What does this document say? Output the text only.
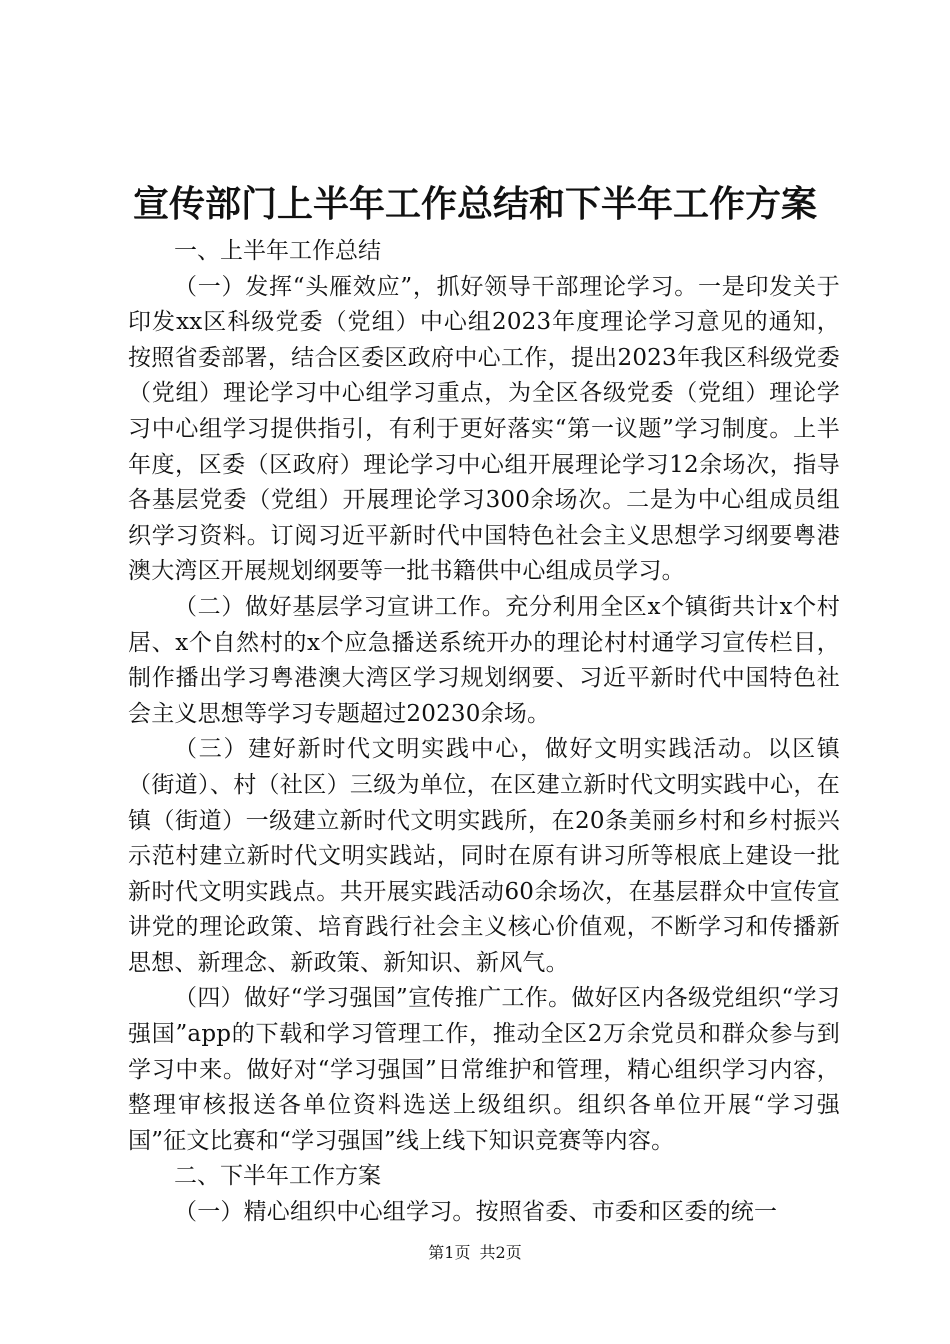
宣传部门上半年工作总结和下半年工作方案

一、上半年工作总结

（一）发挥“头雁效应”，抓好领导干部理论学习。一是印发关于印发xx区科级党委（党组）中心组2023年度理论学习意见的通知，按照省委部署，结合区委区政府中心工作，提出2023年我区科级党委（党组）理论学习中心组学习重点，为全区各级党委（党组）理论学习中心组学习提供指引，有利于更好落实“第一议题”学习制度。上半年度，区委（区政府）理论学习中心组开展理论学习12余场次，指导各基层党委（党组）开展理论学习300余场次。二是为中心组成员组织学习资料。订阅习近平新时代中国特色社会主义思想学习纲要粤港澳大湾区开展规划纲要等一批书籍供中心组成员学习。

（二）做好基层学习宣讲工作。充分利用全区x个镇街共计x个村居、x个自然村的x个应急播送系统开办的理论村村通学习宣传栏目，制作播出学习粤港澳大湾区学习规划纲要、习近平新时代中国特色社会主义思想等学习专题超过20230余场。

（三）建好新时代文明实践中心，做好文明实践活动。以区镇（街道）、村（社区）三级为单位，在区建立新时代文明实践中心，在镇（街道）一级建立新时代文明实践所，在20条美丽乡村和乡村振兴示范村建立新时代文明实践站，同时在原有讲习所等根底上建设一批新时代文明实践点。共开展实践活动60余场次，在基层群众中宣传宣讲党的理论政策、培育践行社会主义核心价值观，不断学习和传播新思想、新理念、新政策、新知识、新风气。

（四）做好“学习强国”宣传推广工作。做好区内各级党组织“学习强国”app的下载和学习管理工作，推动全区2万余党员和群众参与到学习中来。做好对“学习强国”日常维护和管理，精心组织学习内容，整理审核报送各单位资料选送上级组织。组织各单位开展“学习强国”征文比赛和“学习强国”线上线下知识竞赛等内容。

二、下半年工作方案

（一）精心组织中心组学习。按照省委、市委和区委的统一

第1页 共2页
